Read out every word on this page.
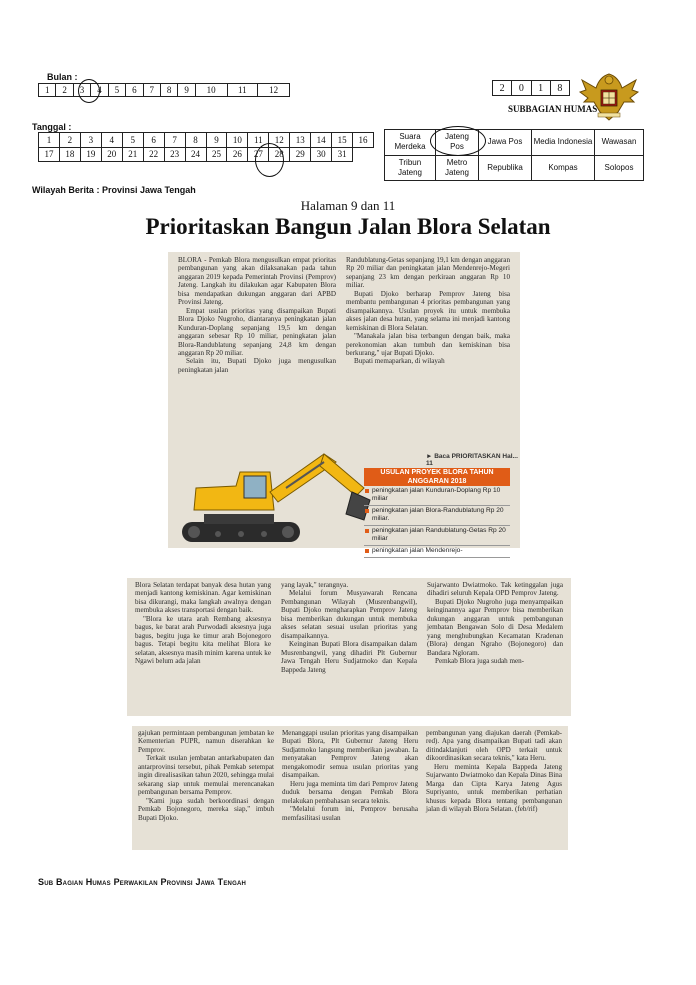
Bulan :
1	2	3	4	5	6	7	8	9	10	11	12
Tanggal :
1	2	3	4	5	6	7	8	9	10	11	12	13	14	15	16
17	18	19	20	21	22	23	24	25	26	27	28	29	30	31	
Wilayah Berita : Provinsi Jawa Tengah
2	0	1	8
SUBBAGIAN HUMAS
Suara Merdeka	Jateng Pos	Jawa Pos	Media Indonesia	Wawasan
Tribun Jateng	Metro Jateng	Republika	Kompas	Solopos
Halaman 9 dan 11
Prioritaskan Bangun Jalan Blora Selatan

BLORA - Pemkab Blora mengusulkan empat prioritas pembangunan yang akan dilaksanakan pada tahun anggaran 2019 kepada Pemerintah Provinsi (Pemprov) Jateng. Langkah itu dilakukan agar Kabupaten Blora bisa mendapatkan dukungan anggaran dari APBD Provinsi Jateng.

Empat usulan prioritas yang disampaikan Bupati Blora Djoko Nugroho, diantaranya peningkatan jalan Kunduran-Doplang sepanjang 19,5 km dengan anggaran sebesar Rp 10 miliar, peningkatan jalan Blora-Randublatung sepanjang 24,8 km dengan anggaran Rp 20 miliar.

Selain itu, Bupati Djoko juga mengusulkan peningkatan jalan

Randublatung-Getas sepanjang 19,1 km dengan anggaran Rp 20 miliar dan peningkatan jalan Mendenrejo-Megeri sepanjang 23 km dengan perkiraan anggaran Rp 10 miliar.

Bupati Djoko berharap Pemprov Jateng bisa membantu pembangunan 4 prioritas pembangunan yang disampaikannya. Usulan proyek itu untuk membuka akses jalan desa hutan, yang selama ini menjadi kantong kemiskinan di Blora Selatan.

"Manakala jalan bisa terbangun dengan baik, maka perekonomian akan tumbuh dan kemiskinan bisa berkurang," ujar Bupati Djoko.

Bupati memaparkan, di wilayah

► Baca PRIORITASKAN Hal... 11
USULAN PROYEK BLORA TAHUN ANGGARAN 2018
peningkatan jalan Kunduran-Doplang Rp 10 miliar
peningkatan jalan Blora-Randublatung Rp 20 miliar.
peningkatan jalan Randublatung-Getas Rp 20 miliar
peningkatan jalan Mendenrejo-

Blora Selatan terdapat banyak desa hutan yang menjadi kantong kemiskinan. Agar kemiskinan bisa dikurangi, maka langkah awalnya dengan membuka akses transportasi dengan baik.

"Blora ke utara arah Rembang aksesnya bagus, ke barat arah Purwodadi aksesnya juga bagus, begitu juga ke timur arah Bojonegoro bagus. Tetapi begitu kita melihat Blora ke selatan, aksesnya masih minim karena untuk ke Ngawi belum ada jalan

yang layak," terangnya.

Melalui forum Musyawarah Rencana Pembangunan Wilayah (Musrenbangwil), Bupati Djoko mengharapkan Pemprov Jateng bisa memberikan dukungan untuk membuka akses selatan sesuai usulan prioritas yang disampaikannya.

Keinginan Bupati Blora disampaikan dalam Musrenbangwil, yang dihadiri Plt Gubernur Jawa Tengah Heru Sudjatmoko dan Kepala Bappeda Jateng

Sujarwanto Dwiatmoko. Tak ketinggalan juga dihadiri seluruh Kepala OPD Pemprov Jateng.

Bupati Djoko Nugroho juga menyampaikan keinginannya agar Pemprov bisa memberikan dukungan anggaran untuk pembangunan jembatan Bengawan Solo di Desa Medalem yang menghubungkan Kecamatan Kradenan (Blora) dengan Ngraho (Bojonegoro) dan Bandara Ngloram.

Pemkab Blora juga sudah men-

gajukan permintaan pembangunan jembatan ke Kementerian PUPR, namun diserahkan ke Pemprov.

Terkait usulan jembatan antarkabupaten dan antarprovinsi tersebut, pihak Pemkab setempat ingin direalisasikan tahun 2020, sehingga mulai sekarang siap untuk memulai merencanakan pembangunan bersama Pemprov.

"Kami juga sudah berkoordinasi dengan Pemkab Bojonegoro, mereka siap," imbuh Bupati Djoko.

Menanggapi usulan prioritas yang disampaikan Bupati Blora, Plt Gubernur Jateng Heru Sudjatmoko langsung memberikan jawaban. Ia menyatakan Pemprov Jateng akan mengakomodir semua usulan prioritas yang disampaikan.

Heru juga meminta tim dari Pemprov Jateng duduk bersama dengan Pemkab Blora melakukan pembahasan secara teknis.

"Melalui forum ini, Pemprov berusaha memfasilitasi usulan

pembangunan yang diajukan daerah (Pemkab-red). Apa yang disampaikan Bupati tadi akan ditindaklanjuti oleh OPD terkait untuk dikoordinasikan secara teknis," kata Heru.

Heru meminta Kepala Bappeda Jateng Sujarwanto Dwiatmoko dan Kepala Dinas Bina Marga dan Cipta Karya Jateng Agus Supriyanto, untuk memberikan perhatian khusus kepada Blora tentang pembangunan jalan di wilayah Blora Selatan. (feb/rif)

Sub Bagian Humas Perwakilan Provinsi Jawa Tengah
